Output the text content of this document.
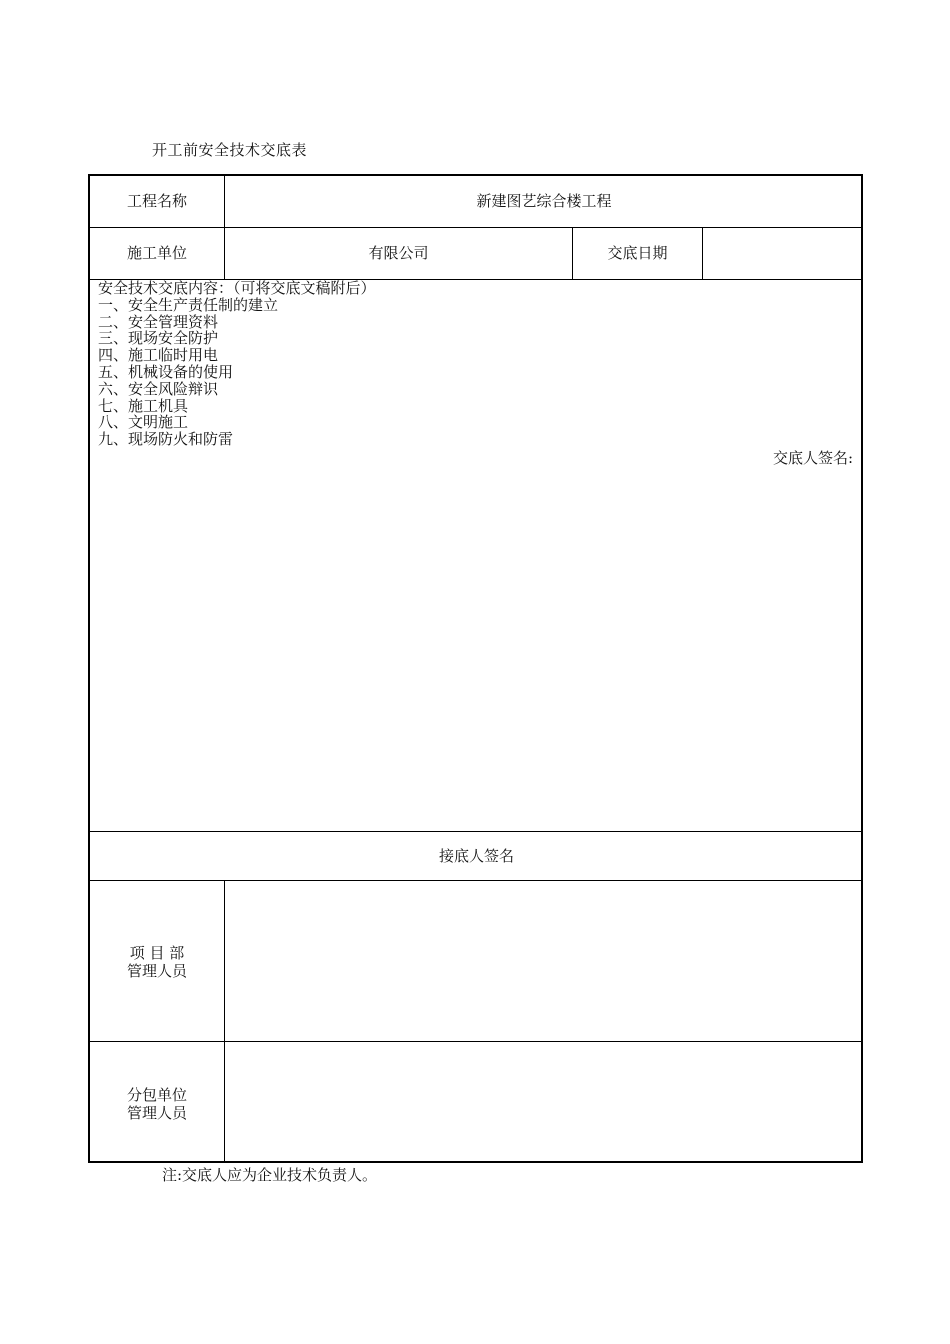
开工前安全技术交底表
工程名称	新建图艺综合楼工程
施工单位	有限公司	交底日期
安全技术交底内容：（可将交底文稿附后）
一、安全生产责任制的建立
二、安全管理资料
三、现场安全防护
四、施工临时用电
五、机械设备的使用
六、安全风险辩识
七、施工机具
八、文明施工
九、现场防火和防雷
交底人签名:
接底人签名
项 目 部
管理人员
分包单位
管理人员
注:交底人应为企业技术负责人。
